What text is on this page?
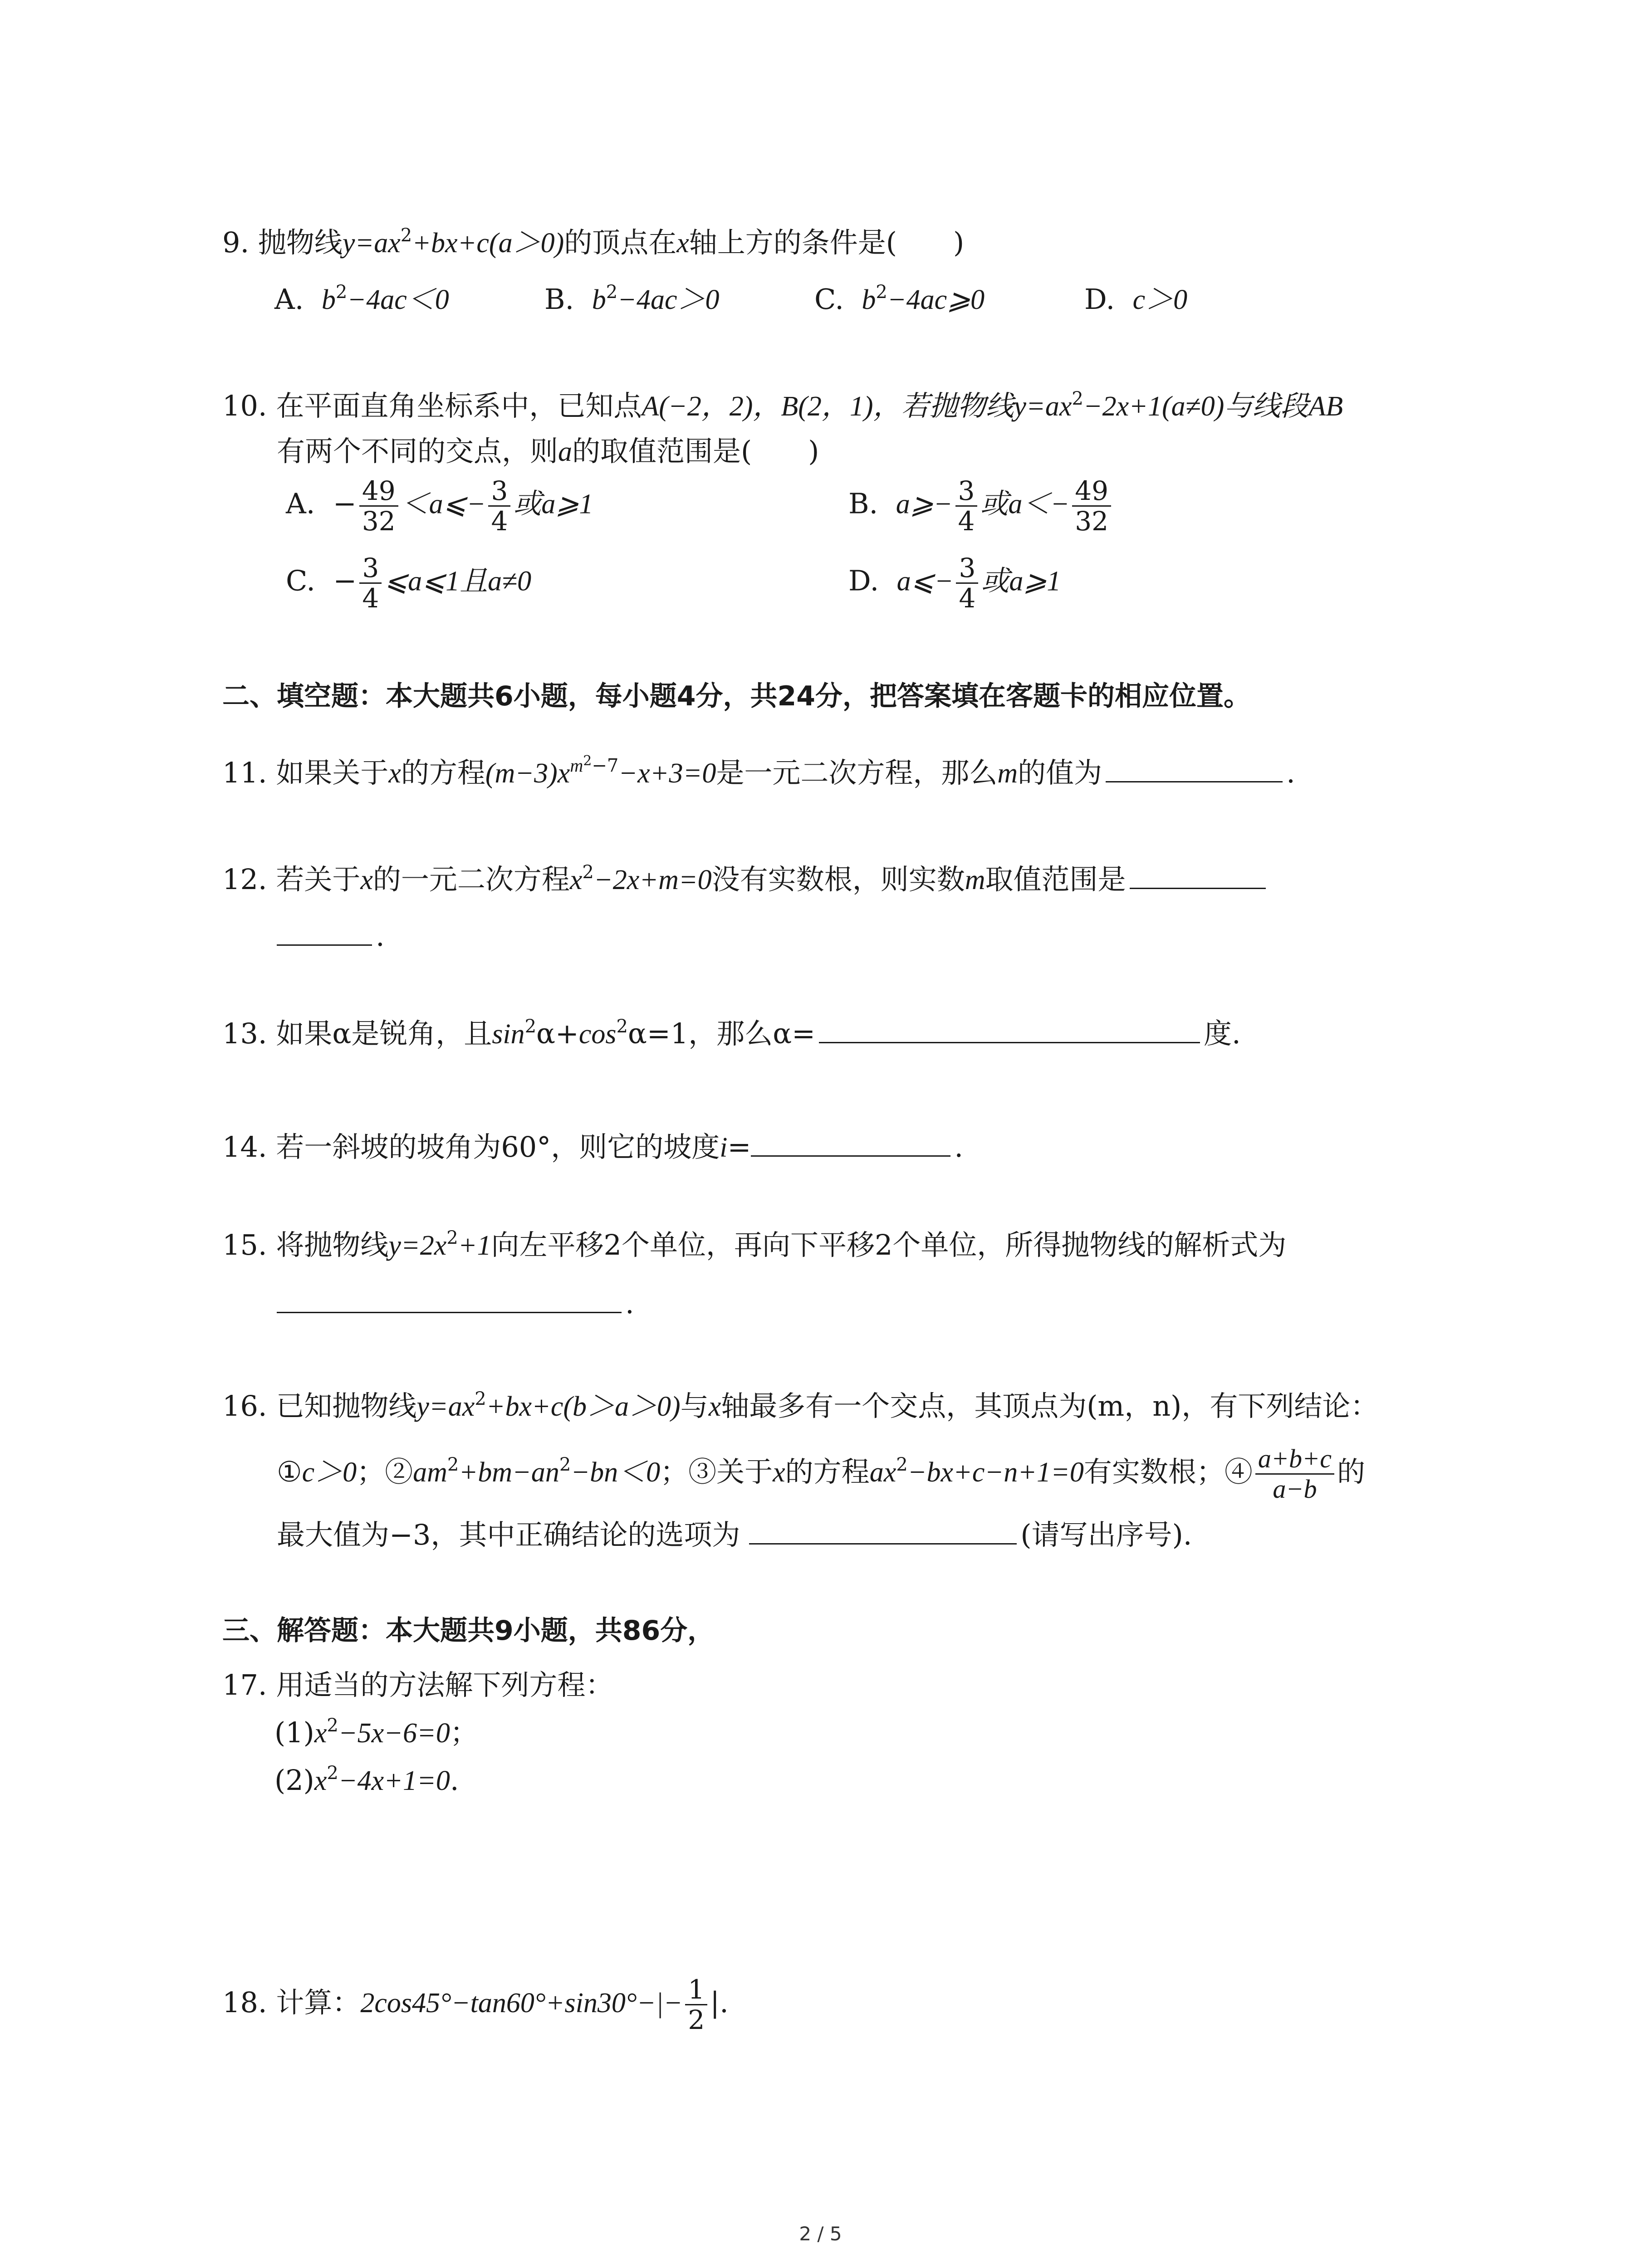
9. 抛物线$y=ax^2+bx+c(a>0)$的顶点在x轴上方的条件是(　　)
A. $b^2-4ac<0$	B. $b^2-4ac>0$	C. $b^2-4ac⩾0$	D. c＞0
10. 在平面直角坐标系中，已知点A(−2，2)，B(2，1)，若抛物线$y=ax^2-2x+1(a\ne 0)$与线段AB
有两个不同的交点，则a的取值范围是(　　)
A. − $\frac{49}{32}$ ＜a⩽− $\frac{3}{4}$ 或a⩾1	B. a⩾− $\frac{3}{4}$ 或$a<- \frac{49}{32}$
C. − $\frac{3}{4}$ ⩽a⩽1且a≠0	D. a⩽− $\frac{3}{4}$ 或a⩾1
二、填空题：本大题共6小题，每小题4分，共24分，把答案填在客题卡的相应位置。
11. 如果关于x的方程$(m-3)x^{m^2-7}-x+3=0$是一元二次方程，那么m的值为	.
12. 若关于x的一元二次方程$x^2-2x+m=0$没有实数根，则实数m取值范围是
.
13. 如果α是锐角，且$\sin^2\alpha+\cos^2\alpha=1$，那么α=	度.
14. 若一斜坡的坡角为60°，则它的坡度i=	.
15. 将抛物线$y=2x^2+1$向左平移2个单位，再向下平移2个单位，所得抛物线的解析式为
.
16. 已知抛物线$y=ax^2+bx+c(b>a>0)$与x轴最多有一个交点，其顶点为(m，n)，有下列结论：
①c＞0；$②am^2+bm-an^2-bn<0$；③关于x的方程$ax^2-bx+c-n+1=0$有实数根；④ $\frac{a+b+c}{a-b}$ 的
最大值为−3，其中正确结论的选项为	(请写出序号).
三、解答题：本大题共9小题，共86分，
17. 用适当的方法解下列方程：
$(1)x^2-5x-6=0$；
$(2)x^2-4x+1=0$.
18. 计算：$2\cos 45^\circ-\tan 60^\circ+\sin 30^\circ-|- \frac{1}{2}$ |.
2 / 5
